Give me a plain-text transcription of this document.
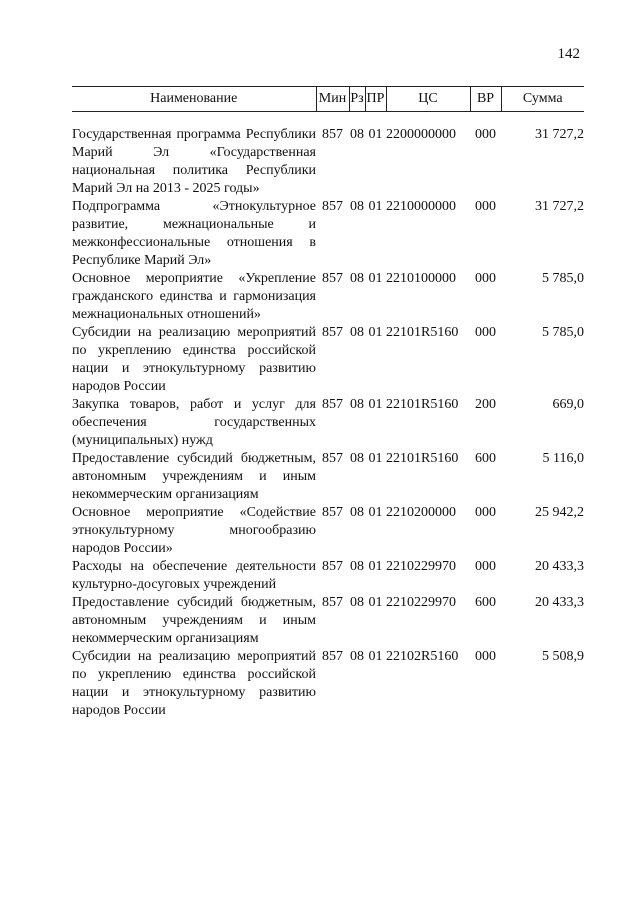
142
Наименование	Мин	Рз	ПР	ЦС	ВР	Сумма
Государственная программа Республики Марий Эл «Государственная национальная политика Республики Марий Эл на 2013 - 2025 годы»	857	08	01	2200000000	000	31 727,2
Подпрограмма «Этнокультурное развитие, межнациональные и межконфессиональные отношения в Республике Марий Эл»	857	08	01	2210000000	000	31 727,2
Основное мероприятие «Укрепление гражданского единства и гармонизация межнациональных отношений»	857	08	01	2210100000	000	5 785,0
Субсидии на реализацию мероприятий по укреплению единства российской нации и этнокультурному развитию народов России	857	08	01	22101R5160	000	5 785,0
Закупка товаров, работ и услуг для обеспечения государственных (муниципальных) нужд	857	08	01	22101R5160	200	669,0
Предоставление субсидий бюджетным, автономным учреждениям и иным некоммерческим организациям	857	08	01	22101R5160	600	5 116,0
Основное мероприятие «Содействие этнокультурному многообразию народов России»	857	08	01	2210200000	000	25 942,2
Расходы на обеспечение деятельности культурно-досуговых учреждений	857	08	01	2210229970	000	20 433,3
Предоставление субсидий бюджетным, автономным учреждениям и иным некоммерческим организациям	857	08	01	2210229970	600	20 433,3
Субсидии на реализацию мероприятий по укреплению единства российской нации и этнокультурному развитию народов России	857	08	01	22102R5160	000	5 508,9
